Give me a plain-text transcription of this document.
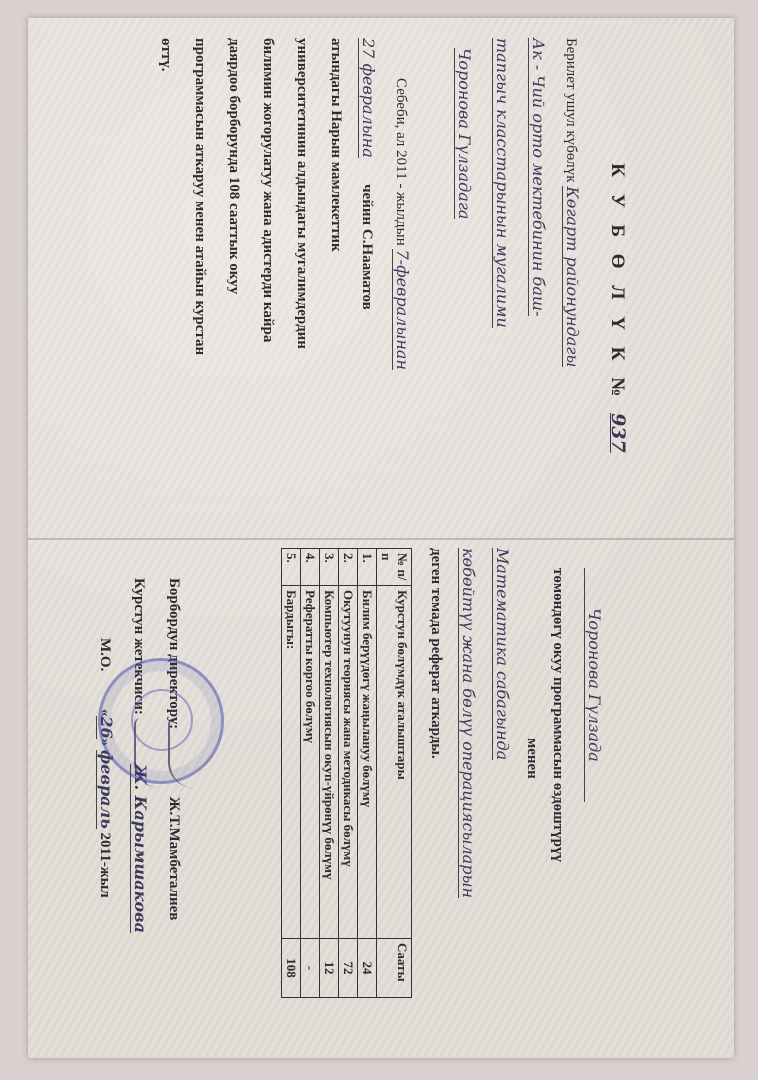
К У Б Ө Л Ү К № 937
Берилет ушул күбөлүк Көгарт районундагы
Ак - Чий орто мектебинин баш-
тапгыч класстарынын мугалими
Чоронова Гүлзадага
Себеби, ал 2011 - жылдын 7-февралынан
27 февралына       чейин С.Нааматов
атындагы Нарын мамлекеттик
университетинин алдындагы мугалимдердин
билимин жогорулатуу жана адистерди кайра
даярдоо борборунда 108 сааттык окуу
программасын аткаруу менен атайын курстан
өттү.
Чоронова Гүлзада
төмөндөгү окуу программасын өздөштүрүү
менен
Математика сабагында
көбөйтүү жана бөлүү операциясыларын
деген темада реферат аткарды.
№ п/п	Курстун бөлүмдүк аталыштары	Сааты
1.	Билим берүүдөгү жаңылануу бөлүмү	24
2.	Окутуунун теориясы жана методикасы бөлүмү	72
3.	Компьютер технологиясын окуп-үйрөнүү бөлүмү	12
4.	Рефератты коргоо бөлүмү	-
5.	Бардыгы:	108
Борбордун директору:                  Ж.Т.Мамбеталиев
Курстун жетекчиси:             Ж. Карымшакова
М.О.          «26» февраль 2011-жыл
